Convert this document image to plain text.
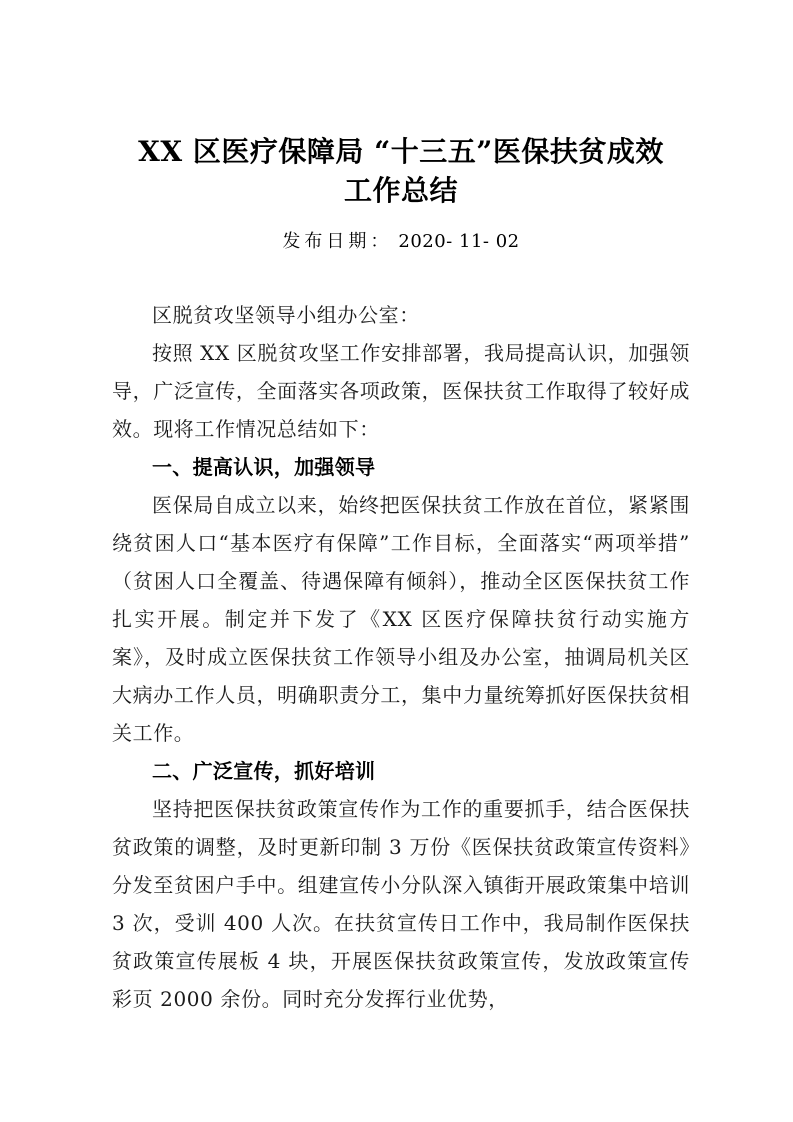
XX 区医疗保障局 “十三五”医保扶贫成效
工作总结
发布日期： 2020- 11- 02

区脱贫攻坚领导小组办公室：

按照 XX 区脱贫攻坚工作安排部署，我局提高认识，加强领导，广泛宣传，全面落实各项政策，医保扶贫工作取得了较好成效。现将工作情况总结如下：

一、提高认识，加强领导

医保局自成立以来，始终把医保扶贫工作放在首位，紧紧围绕贫困人口“基本医疗有保障”工作目标，全面落实“两项举措”（贫困人口全覆盖、待遇保障有倾斜），推动全区医保扶贫工作扎实开展。制定并下发了《XX 区医疗保障扶贫行动实施方案》，及时成立医保扶贫工作领导小组及办公室，抽调局机关区大病办工作人员，明确职责分工，集中力量统筹抓好医保扶贫相关工作。

二、广泛宣传，抓好培训

坚持把医保扶贫政策宣传作为工作的重要抓手，结合医保扶贫政策的调整，及时更新印制 3 万份《医保扶贫政策宣传资料》分发至贫困户手中。组建宣传小分队深入镇街开展政策集中培训 3 次，受训 400 人次。在扶贫宣传日工作中，我局制作医保扶贫政策宣传展板 4 块，开展医保扶贫政策宣传，发放政策宣传彩页 2000 余份。同时充分发挥行业优势，
